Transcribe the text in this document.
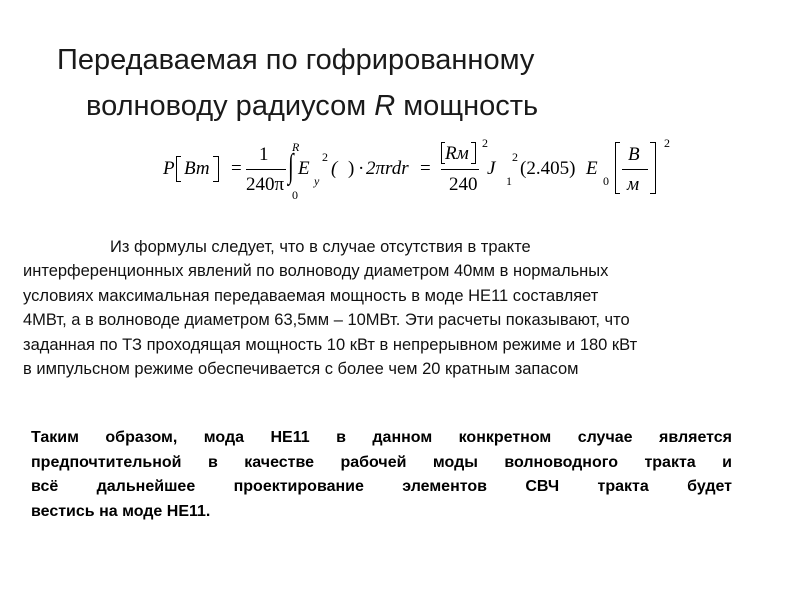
Передаваемая по гофрированному
волноводу радиусом R мощность
P Вт =
1
240π
R
∫
0
E
y
2
( ) · 2πrdr =
Rм 2
240
J
1
2
(2.405) E
0
В
м
2
Из формулы следует, что в случае отсутствия в тракте
интерференционных явлений по волноводу диаметром 40мм в нормальных
условиях максимальная передаваемая мощность в моде НЕ11 составляет
4МВт, а в волноводе диаметром 63,5мм – 10МВт. Эти расчеты показывают, что
заданная по ТЗ проходящая мощность 10 кВт в непрерывном режиме и 180 кВт
в импульсном режиме обеспечивается с более чем 20 кратным запасом
Таким образом, мода НЕ11 в данном конкретном случае является
предпочтительной в качестве рабочей моды волноводного тракта и
всё дальнейшее проектирование элементов СВЧ тракта будет
вестись на моде НЕ11.
